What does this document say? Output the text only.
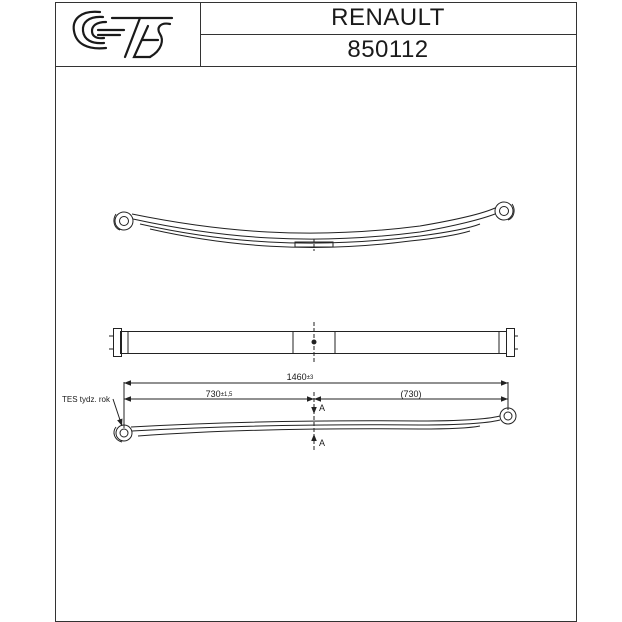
1460±3
730±1,5	(730)
TES tydz. rok
A
A
RENAULT
850112
